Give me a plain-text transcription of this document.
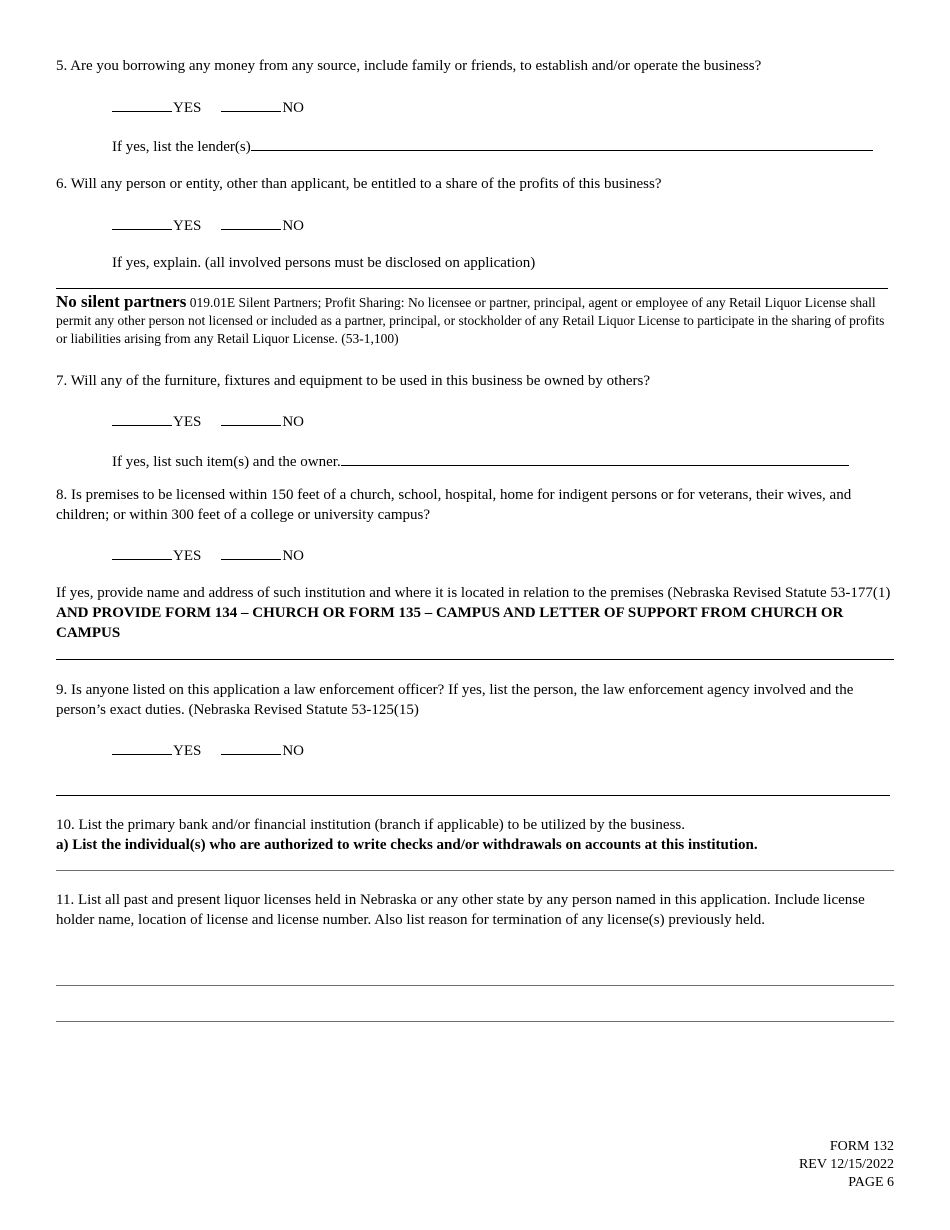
5. Are you borrowing any money from any source, include family or friends, to establish and/or operate the business?
YES	NO
If yes, list the lender(s)
6. Will any person or entity, other than applicant, be entitled to a share of the profits of this business?
YES	NO
If yes, explain. (all involved persons must be disclosed on application)
No silent partners 019.01E Silent Partners; Profit Sharing: No licensee or partner, principal, agent or employee of any Retail Liquor License shall permit any other person not licensed or included as a partner, principal, or stockholder of any Retail Liquor License to participate in the sharing of profits or liabilities arising from any Retail Liquor License. (53-1,100)
7. Will any of the furniture, fixtures and equipment to be used in this business be owned by others?
YES	NO
If yes, list such item(s) and the owner.
8. Is premises to be licensed within 150 feet of a church, school, hospital, home for indigent persons or for veterans, their wives, and children; or within 300 feet of a college or university campus?
YES	NO
If yes, provide name and address of such institution and where it is located in relation to the premises (Nebraska Revised Statute 53-177(1) AND PROVIDE FORM 134 – CHURCH OR FORM 135 – CAMPUS AND LETTER OF SUPPORT FROM CHURCH OR CAMPUS
9. Is anyone listed on this application a law enforcement officer? If yes, list the person, the law enforcement agency involved and the person’s exact duties. (Nebraska Revised Statute 53-125(15)
YES	NO
10. List the primary bank and/or financial institution (branch if applicable) to be utilized by the business.
a) List the individual(s) who are authorized to write checks and/or withdrawals on accounts at this institution.
11. List all past and present liquor licenses held in Nebraska or any other state by any person named in this application. Include license holder name, location of license and license number. Also list reason for termination of any license(s) previously held.
FORM 132
REV 12/15/2022
PAGE 6
